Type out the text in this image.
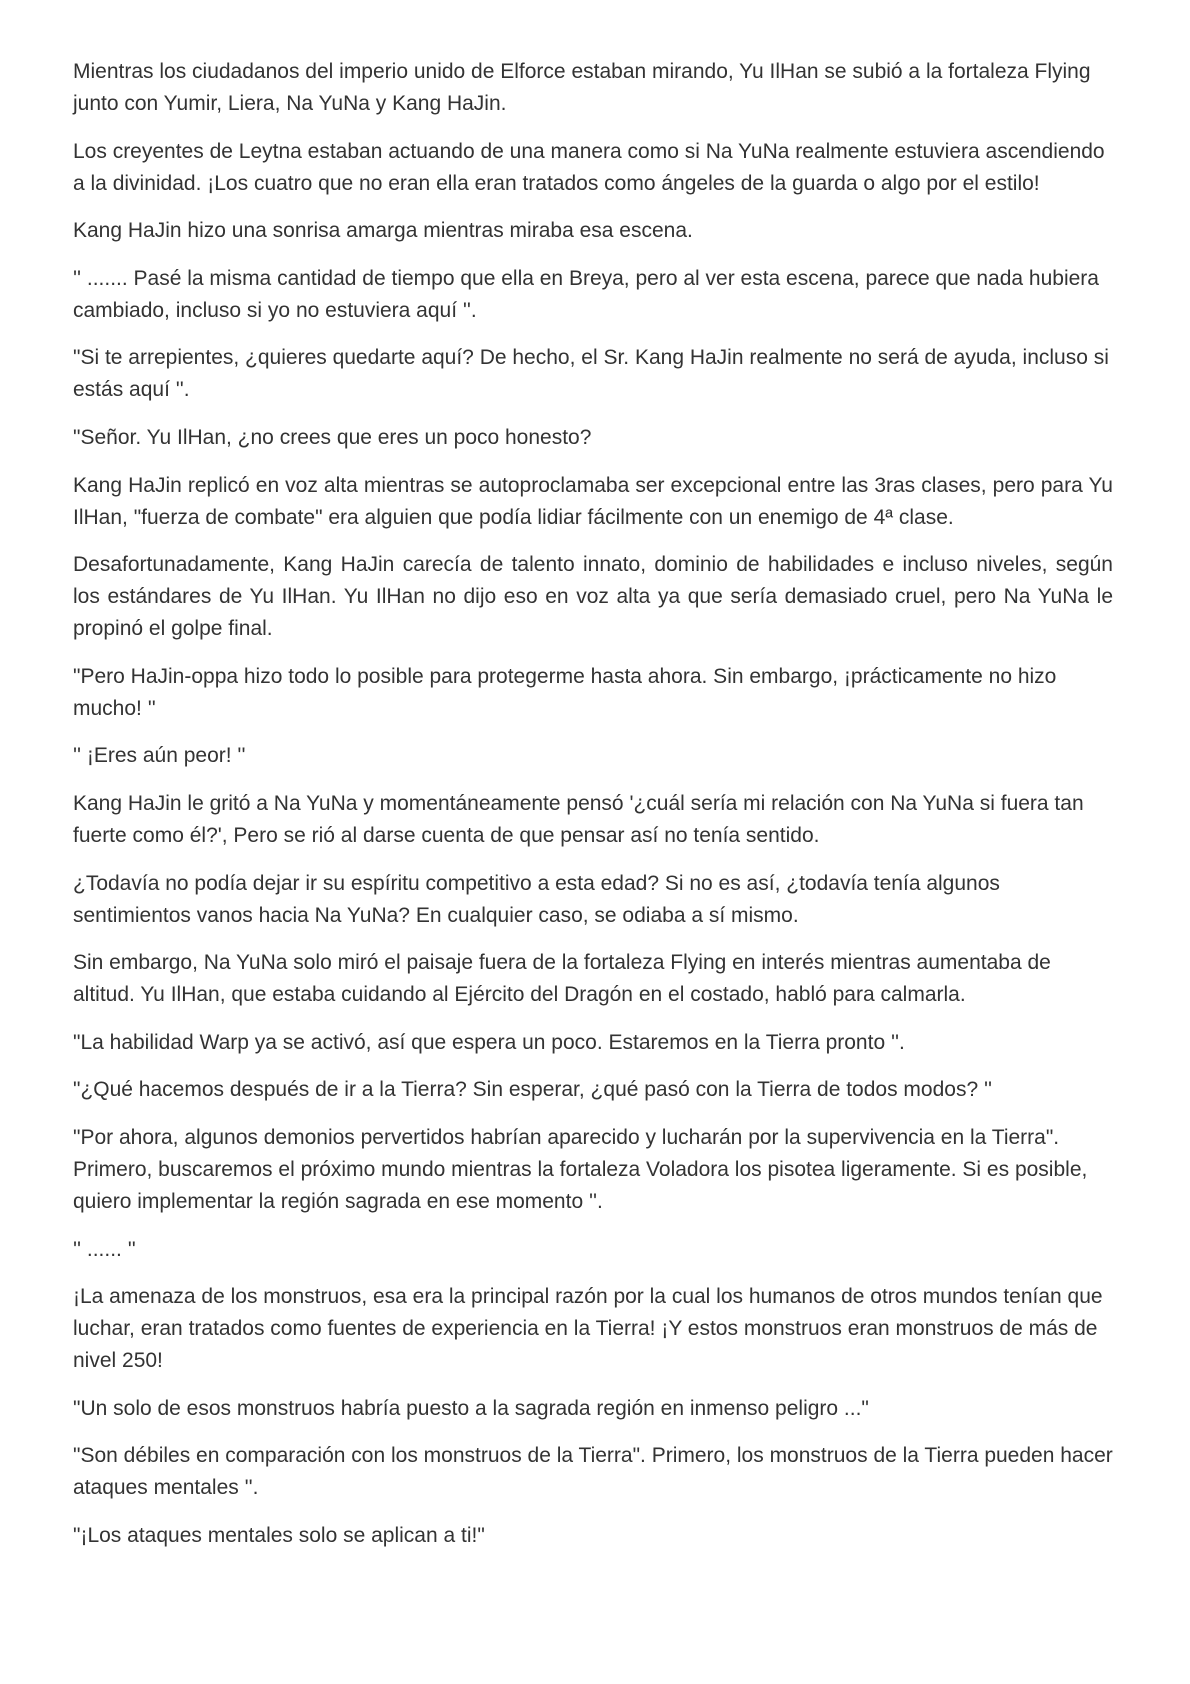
Mientras los ciudadanos del imperio unido de Elforce estaban mirando, Yu IlHan se subió a la fortaleza Flying junto con Yumir, Liera, Na YuNa y Kang HaJin.

Los creyentes de Leytna estaban actuando de una manera como si Na YuNa realmente estuviera ascendiendo a la divinidad. ¡Los cuatro que no eran ella eran tratados como ángeles de la guarda o algo por el estilo!

Kang HaJin hizo una sonrisa amarga mientras miraba esa escena.

'' ....... Pasé la misma cantidad de tiempo que ella en Breya, pero al ver esta escena, parece que nada hubiera cambiado, incluso si yo no estuviera aquí ''.

"Si te arrepientes, ¿quieres quedarte aquí? De hecho, el Sr. Kang HaJin realmente no será de ayuda, incluso si estás aquí ''.

"Señor. Yu IlHan, ¿no crees que eres un poco honesto?

Kang HaJin replicó en voz alta mientras se autoproclamaba ser excepcional entre las 3ras clases, pero para Yu IlHan, "fuerza de combate" era alguien que podía lidiar fácilmente con un enemigo de 4ª clase.

Desafortunadamente, Kang HaJin carecía de talento innato, dominio de habilidades e incluso niveles, según los estándares de Yu IlHan. Yu IlHan no dijo eso en voz alta ya que sería demasiado cruel, pero Na YuNa le propinó el golpe final.

"Pero HaJin-oppa hizo todo lo posible para protegerme hasta ahora. Sin embargo, ¡prácticamente no hizo mucho! ''

'' ¡Eres aún peor! ''

Kang HaJin le gritó a Na YuNa y momentáneamente pensó '¿cuál sería mi relación con Na YuNa si fuera tan fuerte como él?', Pero se rió al darse cuenta de que pensar así no tenía sentido.

¿Todavía no podía dejar ir su espíritu competitivo a esta edad? Si no es así, ¿todavía tenía algunos sentimientos vanos hacia Na YuNa? En cualquier caso, se odiaba a sí mismo.

Sin embargo, Na YuNa solo miró el paisaje fuera de la fortaleza Flying en interés mientras aumentaba de altitud. Yu IlHan, que estaba cuidando al Ejército del Dragón en el costado, habló para calmarla.

"La habilidad Warp ya se activó, así que espera un poco. Estaremos en la Tierra pronto ''.

"¿Qué hacemos después de ir a la Tierra? Sin esperar, ¿qué pasó con la Tierra de todos modos? ''

"Por ahora, algunos demonios pervertidos habrían aparecido y lucharán por la supervivencia en la Tierra". Primero, buscaremos el próximo mundo mientras la fortaleza Voladora los pisotea ligeramente. Si es posible, quiero implementar la región sagrada en ese momento ''.

'' ...... ''

¡La amenaza de los monstruos, esa era la principal razón por la cual los humanos de otros mundos tenían que luchar, eran tratados como fuentes de experiencia en la Tierra! ¡Y estos monstruos eran monstruos de más de nivel 250!

"Un solo de esos monstruos habría puesto a la sagrada región en inmenso peligro ..."

"Son débiles en comparación con los monstruos de la Tierra". Primero, los monstruos de la Tierra pueden hacer ataques mentales ''.

"¡Los ataques mentales solo se aplican a ti!"
